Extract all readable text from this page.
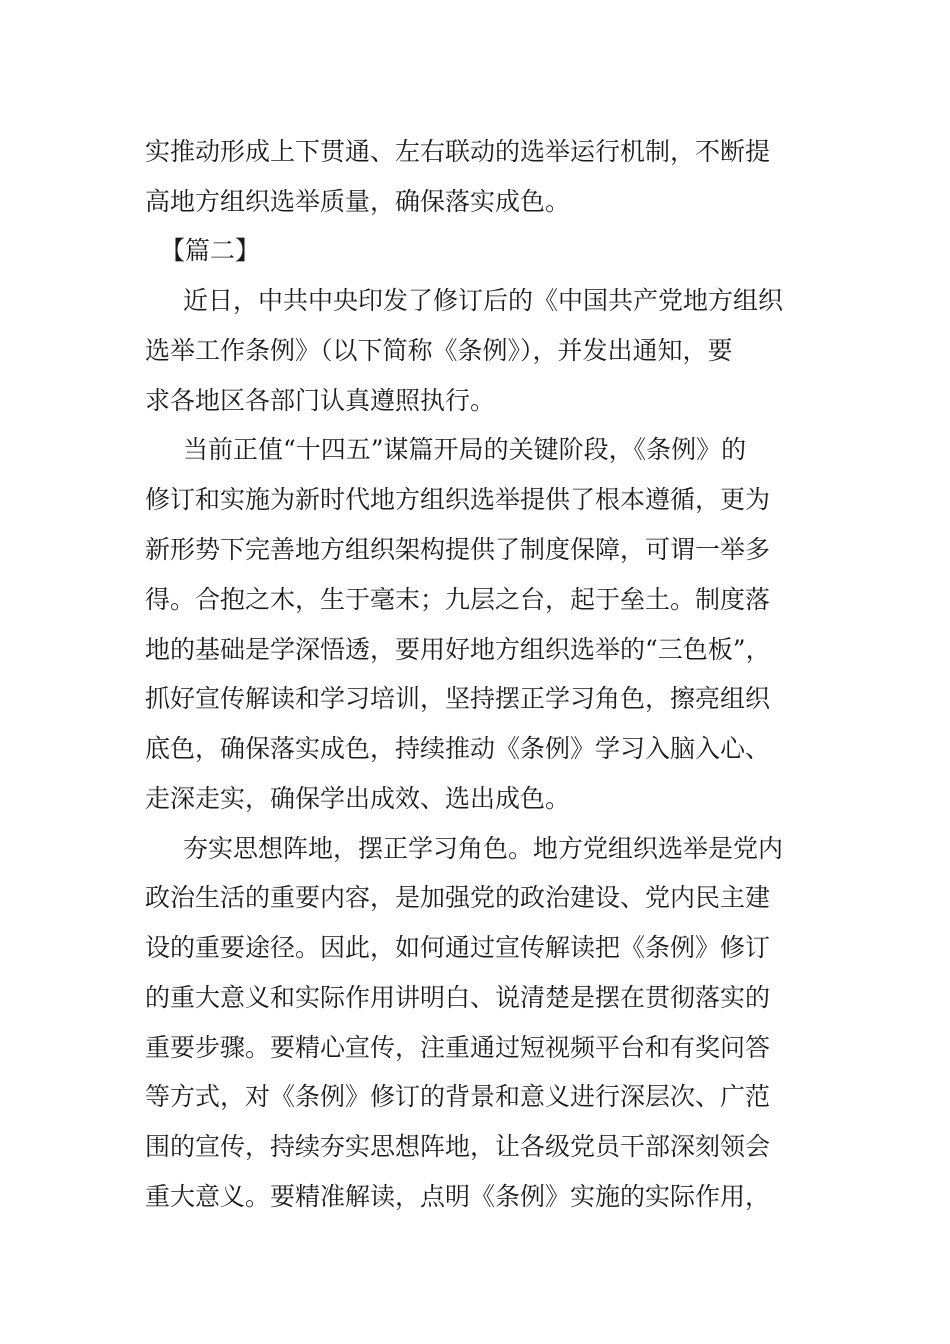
实推动形成上下贯通、左右联动的选举运行机制，不断提
高地方组织选举质量，确保落实成色。
【篇二】
近日，中共中央印发了修订后的《中国共产党地方组织
选举工作条例》（以下简称《条例》），并发出通知，要
求各地区各部门认真遵照执行。
当前正值“十四五”谋篇开局的关键阶段，《条例》的
修订和实施为新时代地方组织选举提供了根本遵循，更为
新形势下完善地方组织架构提供了制度保障，可谓一举多
得。合抱之木，生于毫末；九层之台，起于垒土。制度落
地的基础是学深悟透，要用好地方组织选举的“三色板”，
抓好宣传解读和学习培训，坚持摆正学习角色，擦亮组织
底色，确保落实成色，持续推动《条例》学习入脑入心、
走深走实，确保学出成效、选出成色。
夯实思想阵地，摆正学习角色。地方党组织选举是党内
政治生活的重要内容，是加强党的政治建设、党内民主建
设的重要途径。因此，如何通过宣传解读把《条例》修订
的重大意义和实际作用讲明白、说清楚是摆在贯彻落实的
重要步骤。要精心宣传，注重通过短视频平台和有奖问答
等方式，对《条例》修订的背景和意义进行深层次、广范
围的宣传，持续夯实思想阵地，让各级党员干部深刻领会
重大意义。要精准解读，点明《条例》实施的实际作用，
